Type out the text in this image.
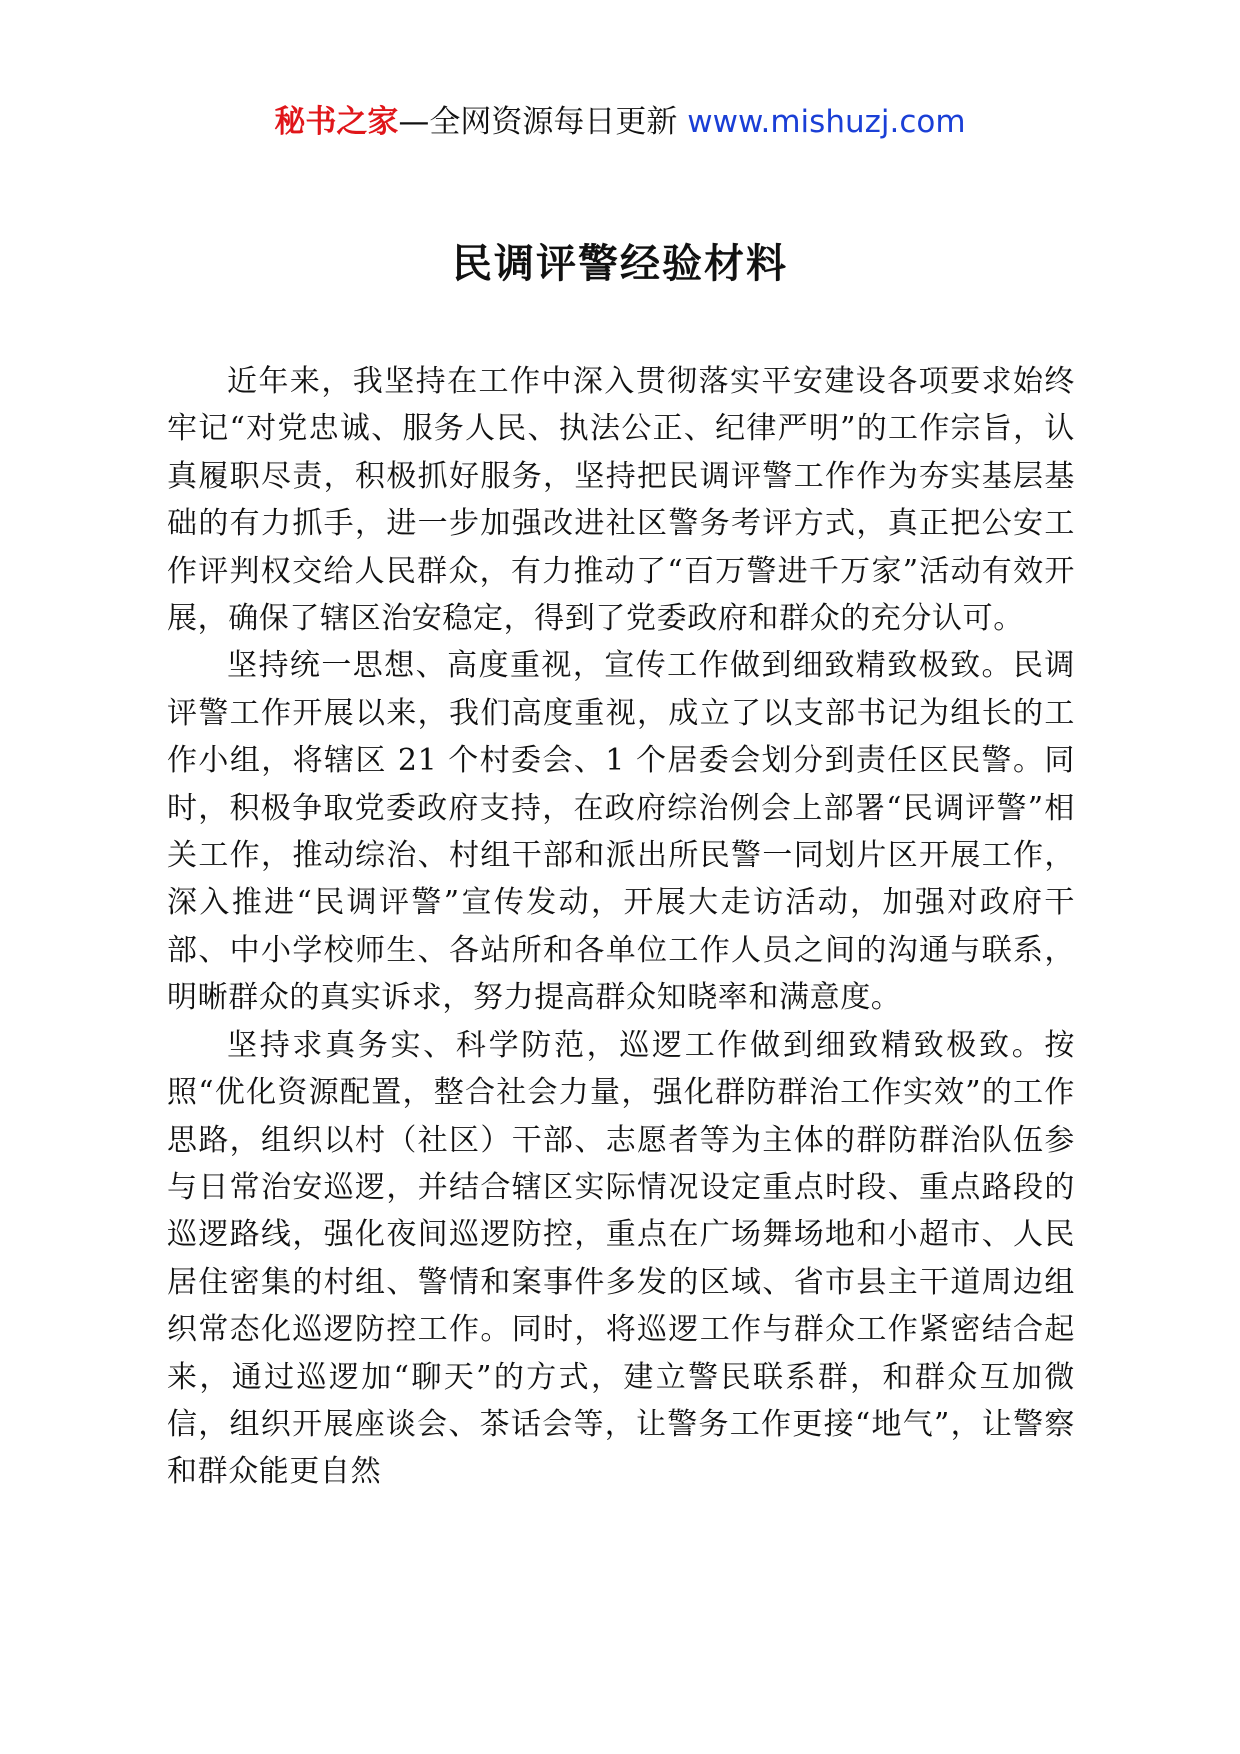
秘书之家—全网资源每日更新 www.mishuzj.com
民调评警经验材料

近年来，我坚持在工作中深入贯彻落实平安建设各项要求始终牢记“对党忠诚、服务人民、执法公正、纪律严明”的工作宗旨，认真履职尽责，积极抓好服务，坚持把民调评警工作作为夯实基层基础的有力抓手，进一步加强改进社区警务考评方式，真正把公安工作评判权交给人民群众，有力推动了“百万警进千万家”活动有效开展，确保了辖区治安稳定，得到了党委政府和群众的充分认可。

坚持统一思想、高度重视，宣传工作做到细致精致极致。民调评警工作开展以来，我们高度重视，成立了以支部书记为组长的工作小组，将辖区 21 个村委会、1 个居委会划分到责任区民警。同时，积极争取党委政府支持，在政府综治例会上部署“民调评警”相关工作，推动综治、村组干部和派出所民警一同划片区开展工作，深入推进“民调评警”宣传发动，开展大走访活动，加强对政府干部、中小学校师生、各站所和各单位工作人员之间的沟通与联系，明晰群众的真实诉求，努力提高群众知晓率和满意度。

坚持求真务实、科学防范，巡逻工作做到细致精致极致。按照“优化资源配置，整合社会力量，强化群防群治工作实效”的工作思路，组织以村（社区）干部、志愿者等为主体的群防群治队伍参与日常治安巡逻，并结合辖区实际情况设定重点时段、重点路段的巡逻路线，强化夜间巡逻防控，重点在广场舞场地和小超市、人民居住密集的村组、警情和案事件多发的区域、省市县主干道周边组织常态化巡逻防控工作。同时，将巡逻工作与群众工作紧密结合起来，通过巡逻加“聊天”的方式，建立警民联系群，和群众互加微信，组织开展座谈会、茶话会等，让警务工作更接“地气”，让警察和群众能更自然
